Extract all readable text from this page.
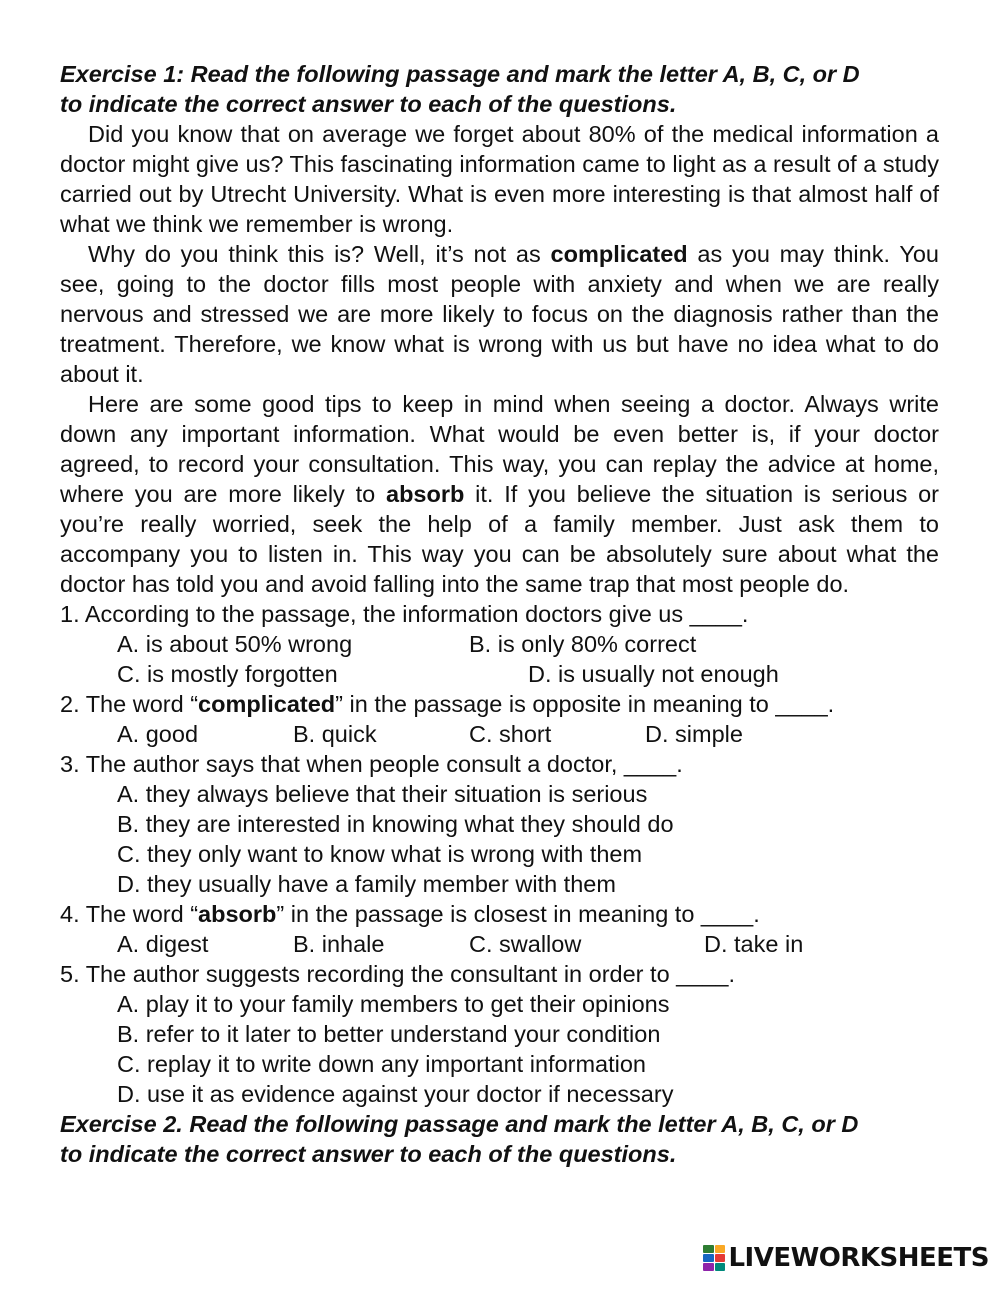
Exercise 1: Read the following passage and mark the letter A, B, C, or D

to indicate the correct answer to each of the questions.

Did you know that on average we forget about 80% of the medical information a doctor might give us? This fascinating information came to light as a result of a study carried out by Utrecht University. What is even more interesting is that almost half of what we think we remember is wrong.

Why do you think this is? Well, it’s not as complicated as you may think. You see, going to the doctor fills most people with anxiety and when we are really nervous and stressed we are more likely to focus on the diagnosis rather than the treatment. Therefore, we know what is wrong with us but have no idea what to do about it.

Here are some good tips to keep in mind when seeing a doctor. Always write down any important information. What would be even better is, if your doctor agreed, to record your consultation. This way, you can replay the advice at home, where you are more likely to absorb it. If you believe the situation is serious or you’re really worried, seek the help of a family member. Just ask them to accompany you to listen in. This way you can be absolutely sure about what the doctor has told you and avoid falling into the same trap that most people do.

1. According to the passage, the information doctors give us ____.

A. is about 50% wrong	B. is only 80% correct
C. is mostly forgotten	D. is usually not enough

2. The word “complicated” in the passage is opposite in meaning to ____.

A. good	B. quick	C. short	D. simple

3. The author says that when people consult a doctor, ____.

A. they always believe that their situation is serious

B. they are interested in knowing what they should do

C. they only want to know what is wrong with them

D. they usually have a family member with them

4. The word “absorb” in the passage is closest in meaning to ____.

A. digest	B. inhale	C. swallow	D. take in

5. The author suggests recording the consultant in order to ____.

A. play it to your family members to get their opinions

B. refer to it later to better understand your condition

C. replay it to write down any important information

D. use it as evidence against your doctor if necessary

Exercise 2. Read the following passage and mark the letter A, B, C, or D

to indicate the correct answer to each of the questions.

LIVEWORKSHEETS
